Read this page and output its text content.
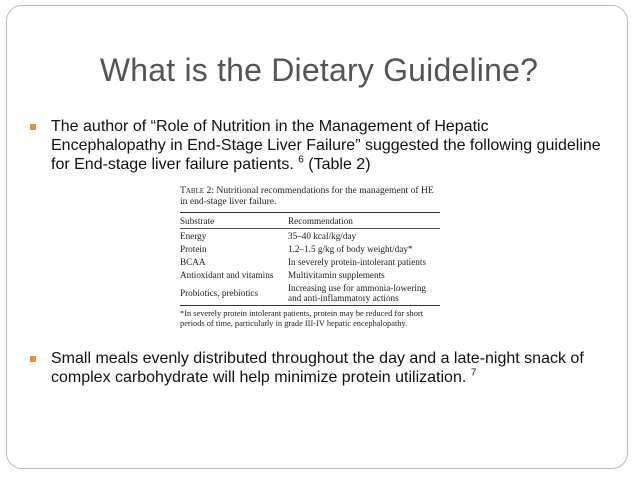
What is the Dietary Guideline?
The author of “Role of Nutrition in the Management of Hepatic Encephalopathy in End-Stage Liver Failure” suggested the following guideline for End-stage liver failure patients. $^6$ (Table 2)
Table 2: Nutritional recommendations for the management of HE in end-stage liver failure.
Substrate	Recommendation
Energy	35–40 kcal/kg/day
Protein	1.2–1.5 g/kg of body weight/day*
BCAA	In severely protein-intolerant patients
Antioxidant and vitamins	Multivitamin supplements
Probiotics, prebiotics	Increasing use for ammonia-lowering and anti-inflammatory actions
*In severely protein intolerant patients, protein may be reduced for short periods of time, particularly in grade III-IV hepatic encephalopathy.
Small meals evenly distributed throughout the day and a late-night snack of complex carbohydrate will help minimize protein utilization. $^7$
